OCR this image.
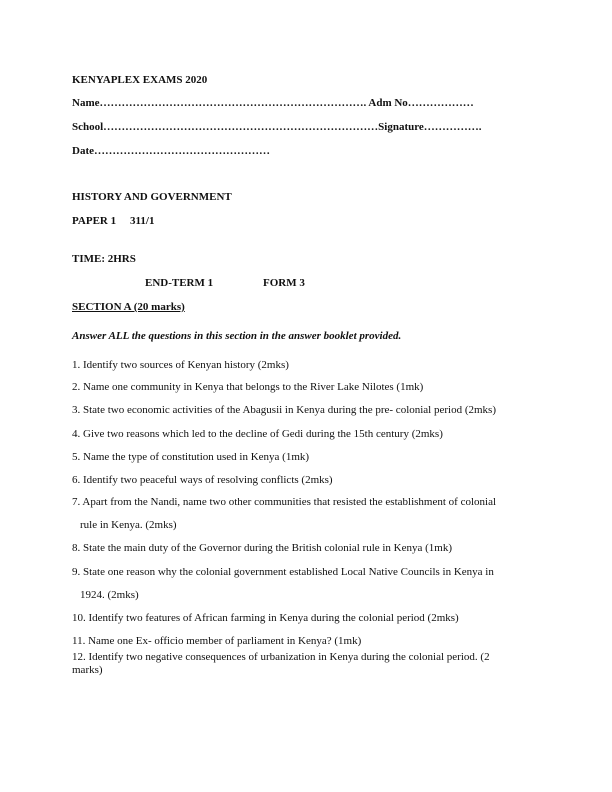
KENYAPLEX EXAMS 2020
Name………………………………………………………………. Adm No………………
School…………………………………………………………………Signature…………….
Date…………………………………………
HISTORY AND GOVERNMENT
PAPER 1 311/1
TIME: 2HRS
END-TERM 1	FORM 3
SECTION A (20 marks)
Answer ALL the questions in this section in the answer booklet provided.
1. Identify two sources of Kenyan history (2mks)
2. Name one community in Kenya that belongs to the River Lake Nilotes (1mk)
3. State two economic activities of the Abagusii in Kenya during the pre- colonial period (2mks)
4. Give two reasons which led to the decline of Gedi during the 15th century (2mks)
5. Name the type of constitution used in Kenya (1mk)
6. Identify two peaceful ways of resolving conflicts (2mks)
7. Apart from the Nandi, name two other communities that resisted the establishment of colonial
rule in Kenya. (2mks)
8. State the main duty of the Governor during the British colonial rule in Kenya (1mk)
9. State one reason why the colonial government established Local Native Councils in Kenya in
1924. (2mks)
10. Identify two features of African farming in Kenya during the colonial period (2mks)
11. Name one Ex- officio member of parliament in Kenya? (1mk)
12. Identify two negative consequences of urbanization in Kenya during the colonial period. (2
marks)
